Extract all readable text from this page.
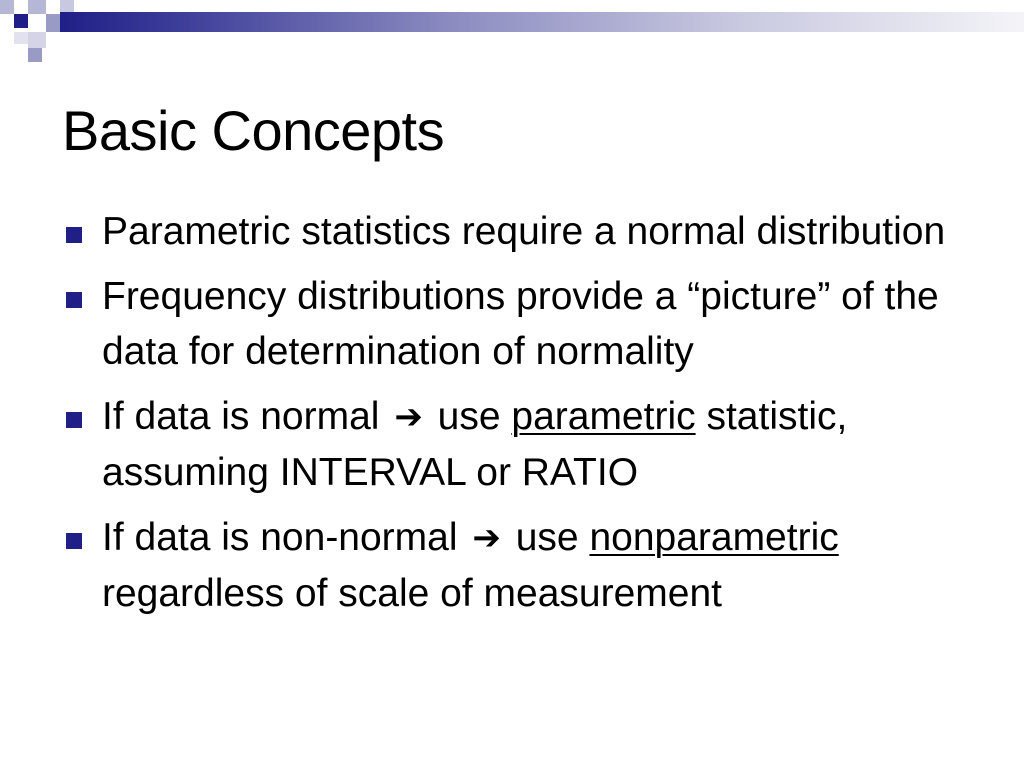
Basic Concepts
Parametric statistics require a normal distribution
Frequency distributions provide a “picture” of the data for determination of normality
If data is normal ➔ use parametric statistic, assuming INTERVAL or RATIO
If data is non-normal ➔ use nonparametric regardless of scale of measurement
